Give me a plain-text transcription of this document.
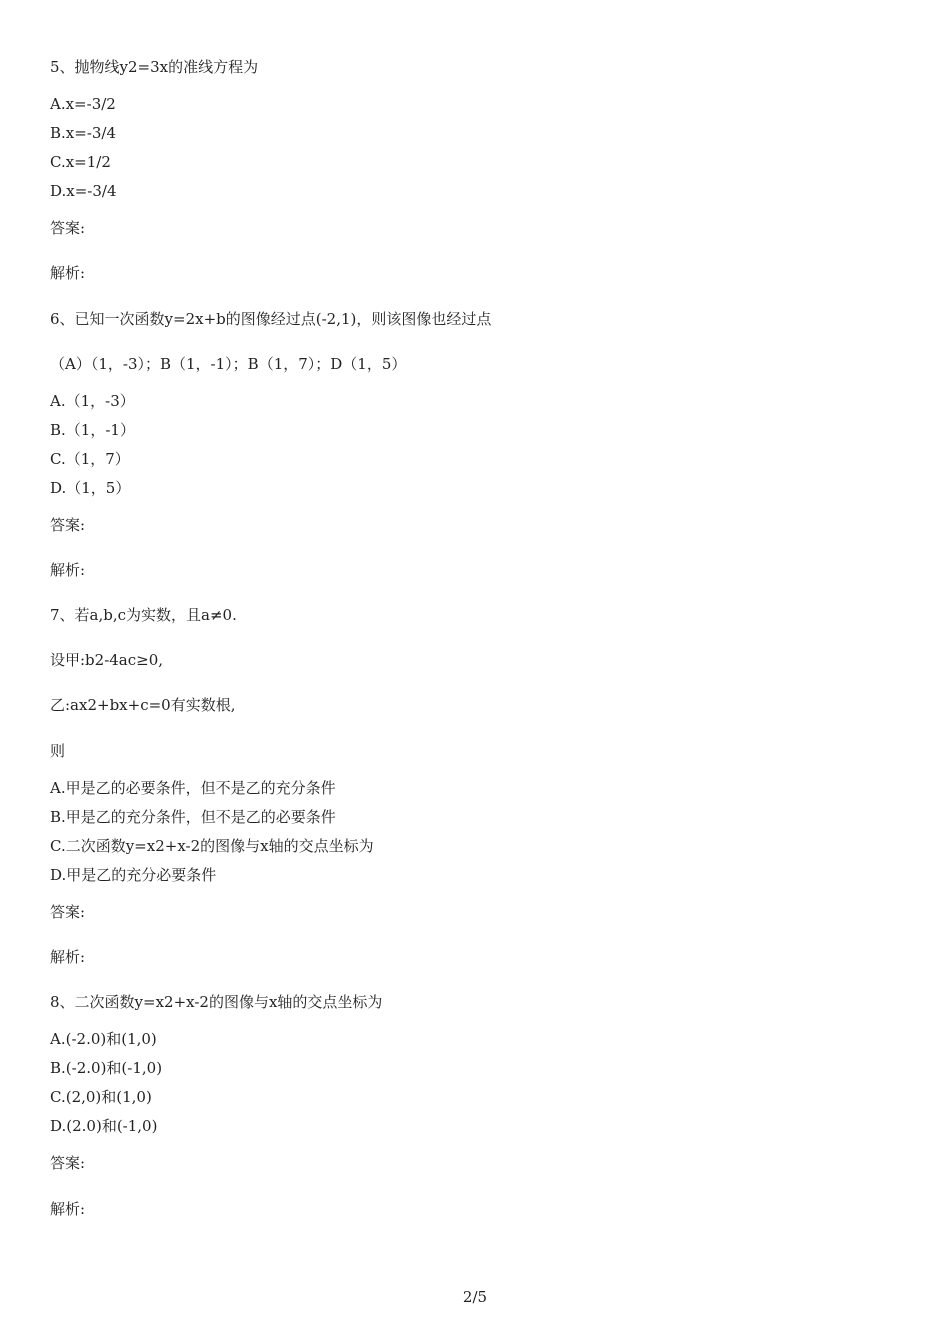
5、抛物线y2=3x的准线方程为
A.x=-3/2
B.x=-3/4
C.x=1/2
D.x=-3/4
答案:
解析:
6、已知一次函数y=2x+b的图像经过点(-2,1)，则该图像也经过点
（A）（1，-3）；B（1，-1）；B（1，7）；D（1，5）
A.（1，-3）
B.（1，-1）
C.（1，7）
D.（1，5）
答案:
解析:
7、若a,b,c为实数，且a≠0.
设甲:b2-4ac≥0,
乙:ax2+bx+c=0有实数根,
则
A.甲是乙的必要条件，但不是乙的充分条件
B.甲是乙的充分条件，但不是乙的必要条件
C.二次函数y=x2+x-2的图像与x轴的交点坐标为
D.甲是乙的充分必要条件
答案:
解析:
8、二次函数y=x2+x-2的图像与x轴的交点坐标为
A.(-2.0)和(1,0)
B.(-2.0)和(-1,0)
C.(2,0)和(1,0)
D.(2.0)和(-1,0)
答案:
解析:
2/5
